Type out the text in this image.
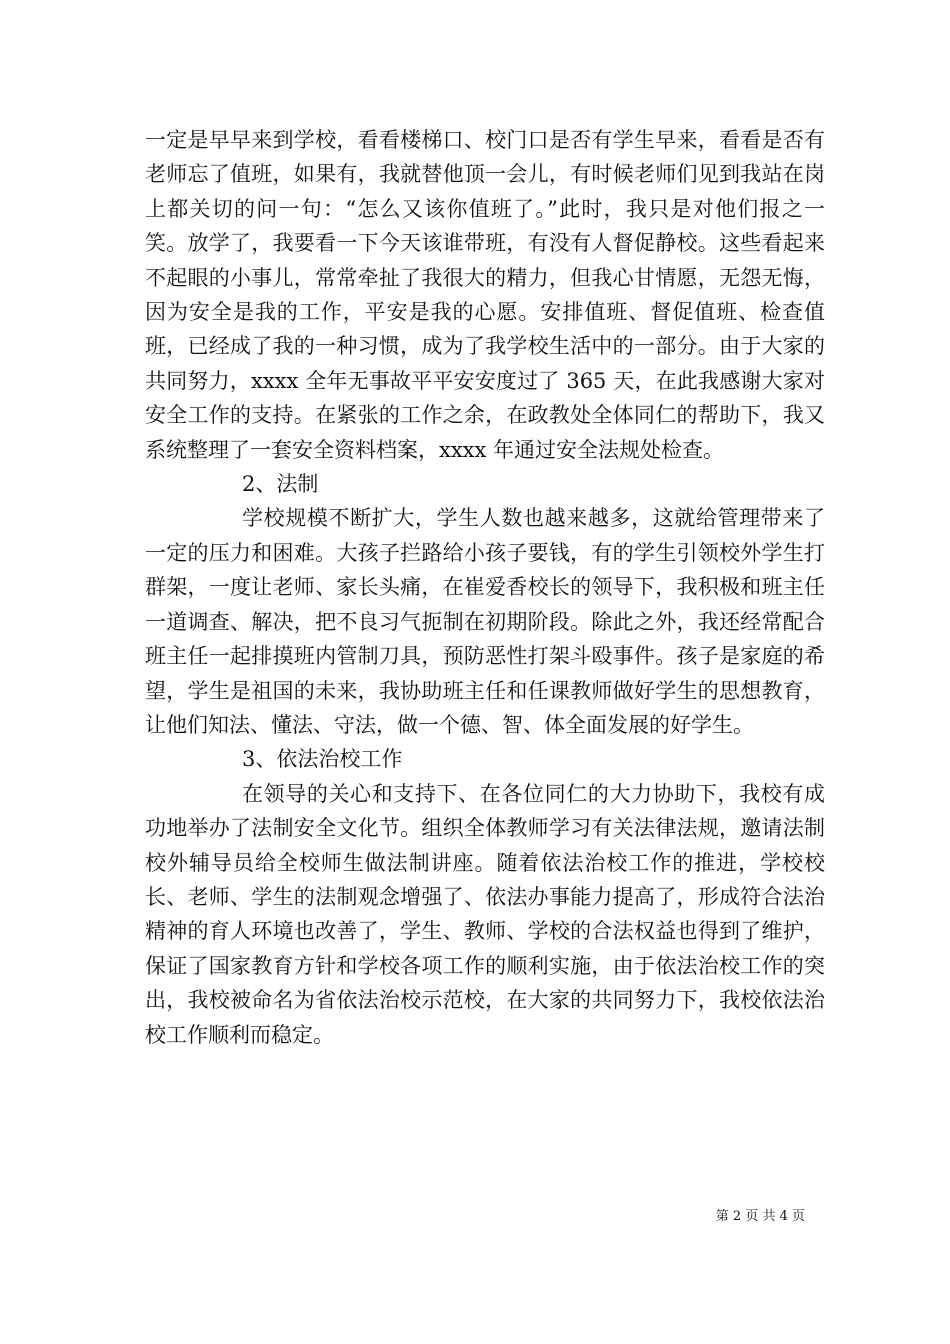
一定是早早来到学校，看看楼梯口、校门口是否有学生早来，看看是否有老师忘了值班，如果有，我就替他顶一会儿，有时候老师们见到我站在岗上都关切的问一句：“怎么又该你值班了。”此时，我只是对他们报之一笑。放学了，我要看一下今天该谁带班，有没有人督促静校。这些看起来不起眼的小事儿，常常牵扯了我很大的精力，但我心甘情愿，无怨无悔，因为安全是我的工作，平安是我的心愿。安排值班、督促值班、检查值班，已经成了我的一种习惯，成为了我学校生活中的一部分。由于大家的共同努力，xxxx 全年无事故平平安安度过了 365 天，在此我感谢大家对安全工作的支持。在紧张的工作之余，在政教处全体同仁的帮助下，我又系统整理了一套安全资料档案，xxxx 年通过安全法规处检查。

2、法制

学校规模不断扩大，学生人数也越来越多，这就给管理带来了一定的压力和困难。大孩子拦路给小孩子要钱，有的学生引领校外学生打群架，一度让老师、家长头痛，在崔爱香校长的领导下，我积极和班主任一道调查、解决，把不良习气扼制在初期阶段。除此之外，我还经常配合班主任一起排摸班内管制刀具，预防恶性打架斗殴事件。孩子是家庭的希望，学生是祖国的未来，我协助班主任和任课教师做好学生的思想教育，让他们知法、懂法、守法，做一个德、智、体全面发展的好学生。

3、依法治校工作

在领导的关心和支持下、在各位同仁的大力协助下，我校有成功地举办了法制安全文化节。组织全体教师学习有关法律法规，邀请法制校外辅导员给全校师生做法制讲座。随着依法治校工作的推进，学校校长、老师、学生的法制观念增强了、依法办事能力提高了，形成符合法治精神的育人环境也改善了，学生、教师、学校的合法权益也得到了维护，保证了国家教育方针和学校各项工作的顺利实施，由于依法治校工作的突出，我校被命名为省依法治校示范校，在大家的共同努力下，我校依法治校工作顺利而稳定。

第 2 页 共 4 页
